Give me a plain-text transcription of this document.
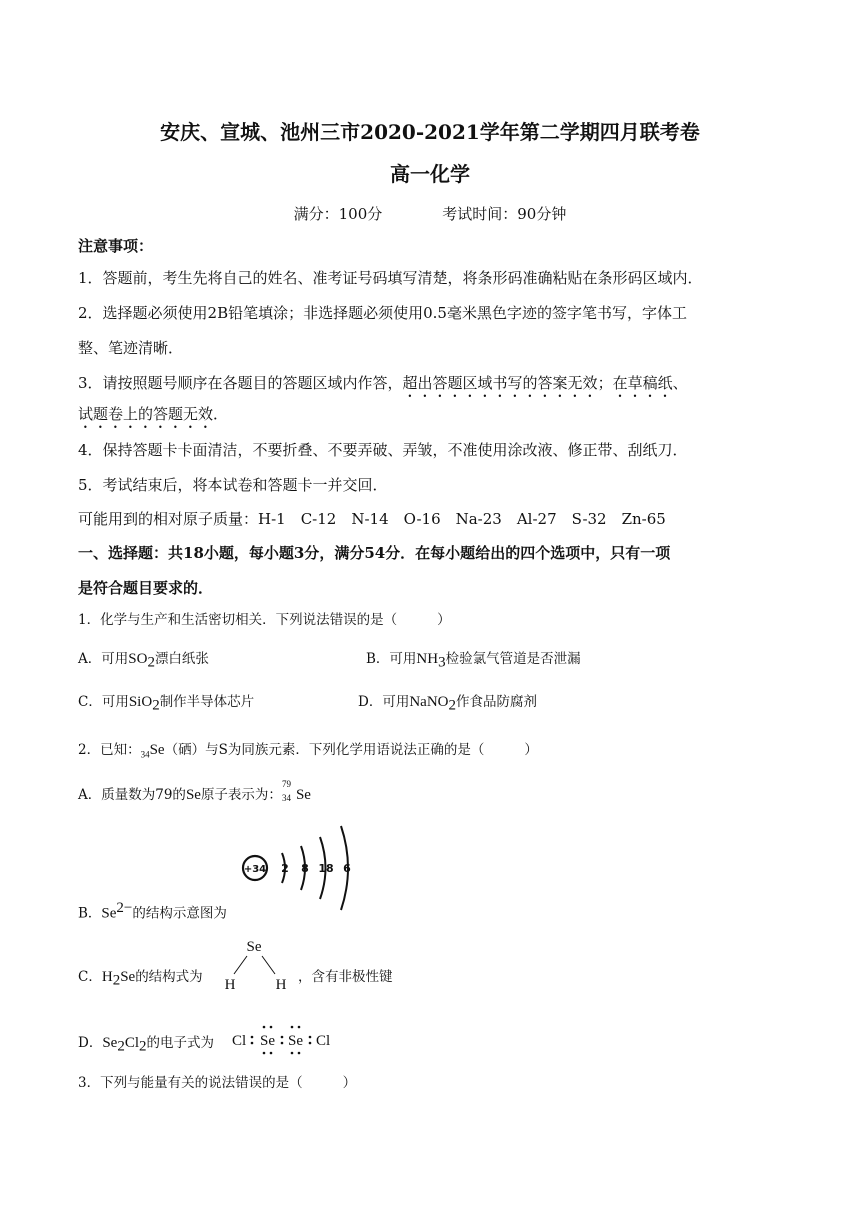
安庆、宣城、池州三市2020-2021学年第二学期四月联考卷
高一化学
满分：100分	考试时间：90分钟
注意事项：
1．答题前，考生先将自己的姓名、准考证号码填写清楚，将条形码准确粘贴在条形码区域内．
2．选择题必须使用2B铅笔填涂；非选择题必须使用0.5毫米黑色字迹的签字笔书写，字体工
整、笔迹清晰．
3．请按照题号顺序在各题目的答题区域内作答，超出答题区域书写的答案无效；在草稿纸、
试题卷上的答题无效．
4．保持答题卡卡面清洁，不要折叠、不要弄破、弄皱，不准使用涂改液、修正带、刮纸刀．
5．考试结束后，将本试卷和答题卡一并交回．
可能用到的相对原子质量：H-1　C-12　N-14　O-16　Na-23　Al-27　S-32　Zn-65
一、选择题：共18小题，每小题3分，满分54分．在每小题给出的四个选项中，只有一项
是符合题目要求的．
1．化学与生产和生活密切相关．下列说法错误的是（	）
A．可用$SO_2$漂白纸张	B．可用$NH_3$检验氯气管道是否泄漏
C．可用SiO$_2$制作半导体芯片	D．可用NaNO$_2$作食品防腐剂
2．已知：$_{34}$Se（硒）与S为同族元素．下列化学用语说法正确的是（	）
A．质量数为79的Se原子表示为：
79
34 Se
+34 2 8 18 6
B．$Se^{2-}$的结构示意图为
C．$H_2Se$的结构式为
Se
H	H ，含有非极性键
D．$Se_2Cl_2$的电子式为 Cl Se Se Cl
3．下列与能量有关的说法错误的是（	）
